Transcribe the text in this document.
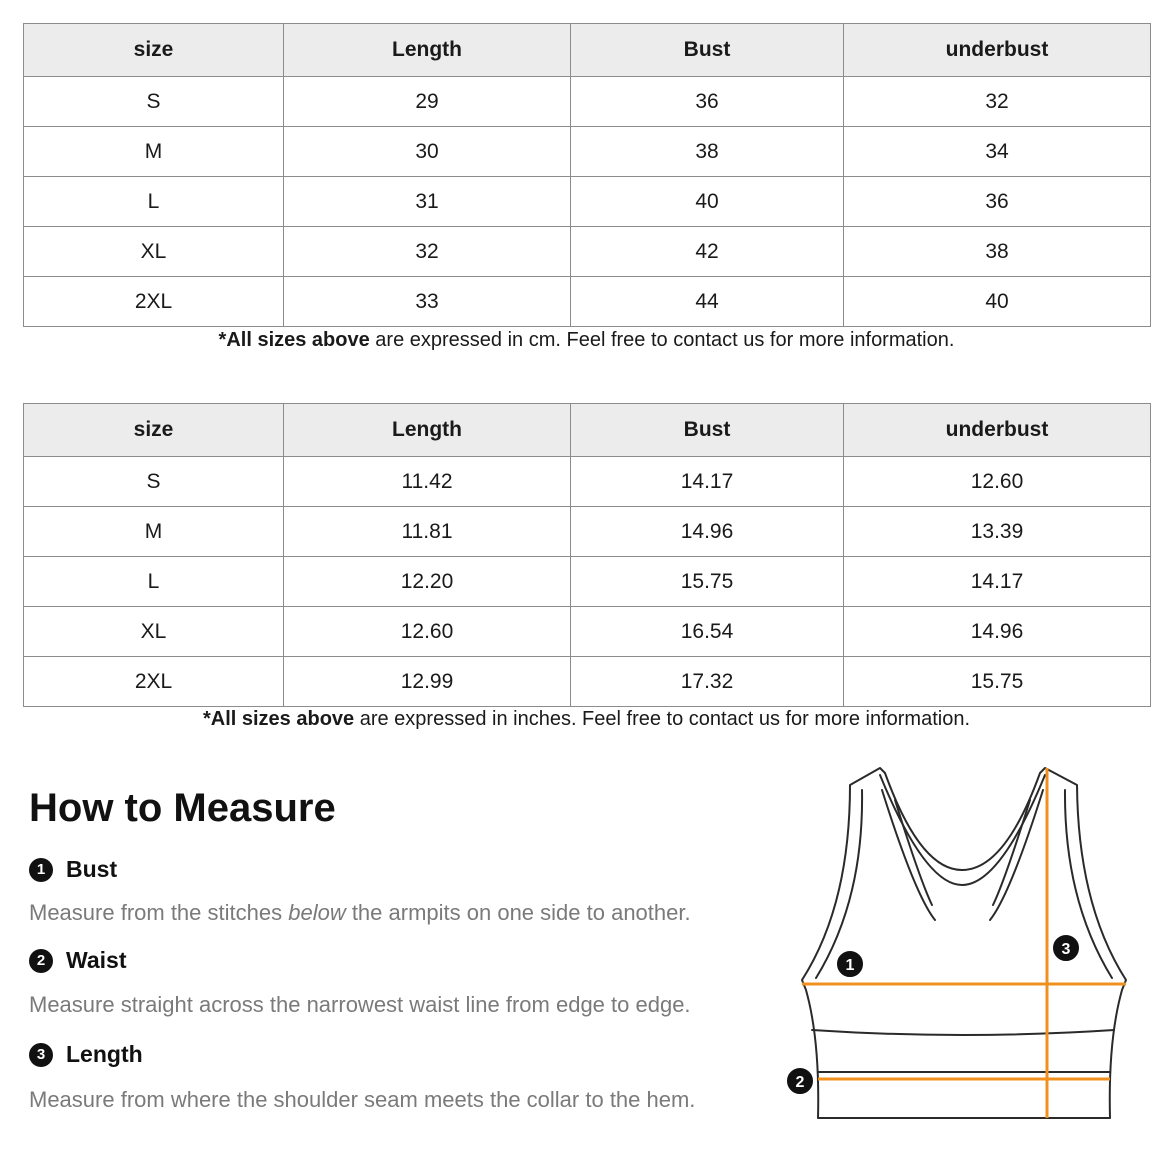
size	Length	Bust	underbust
S	29	36	32
M	30	38	34
L	31	40	36
XL	32	42	38
2XL	33	44	40
*All sizes above are expressed in cm. Feel free to contact us for more information.
size	Length	Bust	underbust
S	11.42	14.17	12.60
M	11.81	14.96	13.39
L	12.20	15.75	14.17
XL	12.60	16.54	14.96
2XL	12.99	17.32	15.75
*All sizes above are expressed in inches. Feel free to contact us for more information.
How to Measure
1 Bust
Measure from the stitches below the armpits on one side to another.
2 Waist
Measure straight across the narrowest waist line from edge to edge.
3 Length
Measure from where the shoulder seam meets the collar to the hem.
1
2
3
